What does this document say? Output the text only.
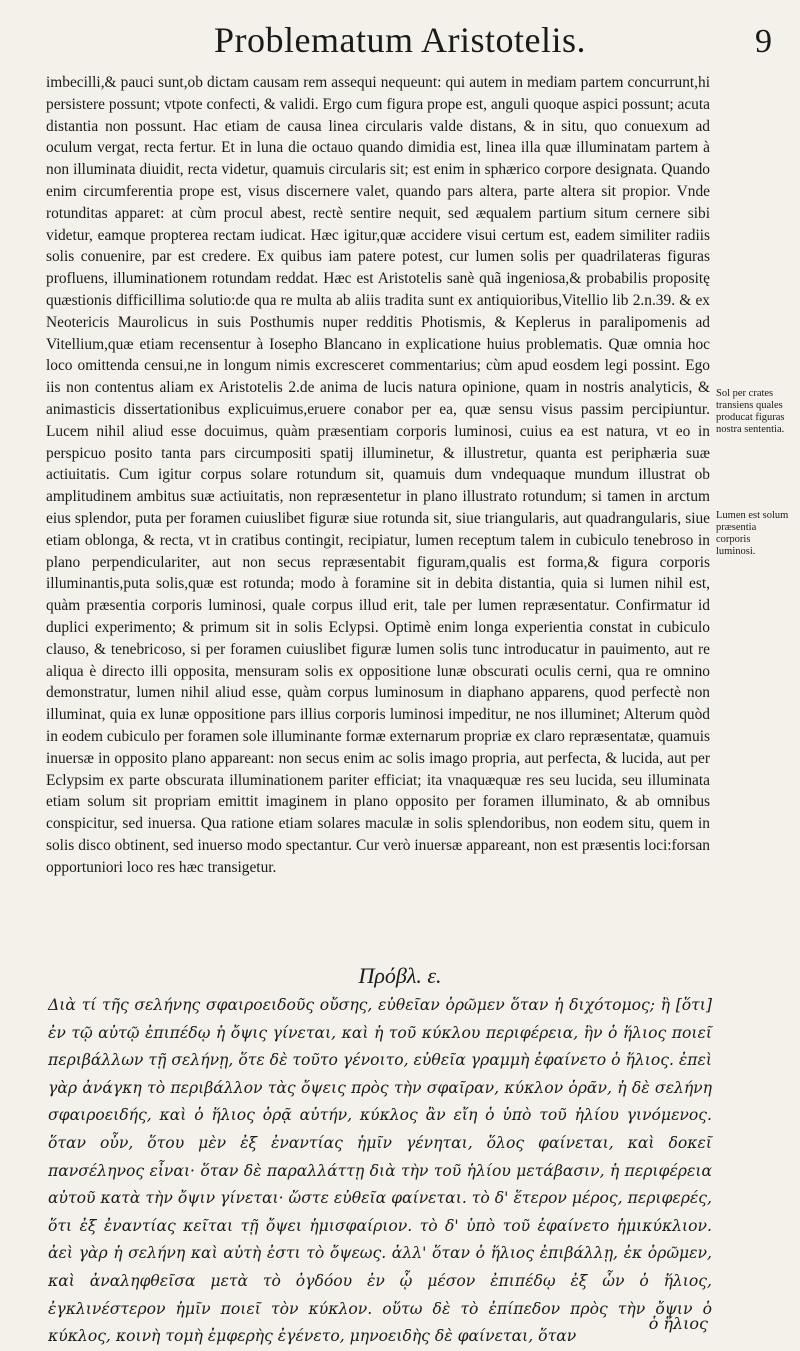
Problematum Aristotelis.	9

imbecilli,& pauci sunt,ob dictam causam rem assequi nequeunt: qui autem in mediam partem concurrunt,hi persistere possunt; vtpote confecti, & validi. Ergo cum figura prope est, anguli quoque aspici possunt; acuta distantia non possunt. Hac etiam de causa linea circularis valde distans, & in situ, quo conuexum ad oculum vergat, recta fertur. Et in luna die octauo quando dimidia est, linea illa quæ illuminatam partem à non illuminata diuidit, recta videtur, quamuis circularis sit; est enim in sphærico corpore designata. Quando enim circumferentia prope est, visus discernere valet, quando pars altera, parte altera sit propior. Vnde rotunditas apparet: at cùm procul abest, rectè sentire nequit, sed æqualem partium situm cernere sibi videtur, eamque propterea rectam iudicat. Hæc igitur,quæ accidere visui certum est, eadem similiter radiis solis conuenire, par est credere. Ex quibus iam patere potest, cur lumen solis per quadrilateras figuras profluens, illuminationem rotundam reddat. Hæc est Aristotelis sanè quã ingeniosa,& probabilis propositę quæstionis difficillima solutio:de qua re multa ab aliis tradita sunt ex antiquioribus,Vitellio lib 2.n.39. & ex Neotericis Maurolicus in suis Posthumis nuper redditis Photismis, & Keplerus in paralipomenis ad Vitellium,quæ etiam recensentur à Iosepho Blancano in explicatione huius problematis. Quæ omnia hoc loco omittenda censui,ne in longum nimis excresceret commentarius; cùm apud eosdem legi possint. Ego iis non contentus aliam ex Aristotelis 2.de anima de lucis natura opinione, quam in nostris analyticis, & animasticis dissertationibus explicuimus,eruere conabor per ea, quæ sensu visus passim percipiuntur. Lucem nihil aliud esse docuimus, quàm præsentiam corporis luminosi, cuius ea est natura, vt eo in perspicuo posito tanta pars circumpositi spatij illuminetur, & illustretur, quanta est periphæria suæ actiuitatis. Cum igitur corpus solare rotundum sit, quamuis dum vndequaque mundum illustrat ob amplitudinem ambitus suæ actiuitatis, non repræsentetur in plano illustrato rotundum; si tamen in arctum eius splendor, puta per foramen cuiuslibet figuræ siue rotunda sit, siue triangularis, aut quadrangularis, siue etiam oblonga, & recta, vt in cratibus contingit, recipiatur, lumen receptum talem in cubiculo tenebroso in plano perpendiculariter, aut non secus repræsentabit figuram,qualis est forma,& figura corporis illuminantis,puta solis,quæ est rotunda; modo à foramine sit in debita distantia, quia si lumen nihil est, quàm præsentia corporis luminosi, quale corpus illud erit, tale per lumen repræsentatur. Confirmatur id duplici experimento; & primum sit in solis Eclypsi. Optimè enim longa experientia constat in cubiculo clauso, & tenebricoso, si per foramen cuiuslibet figuræ lumen solis tunc introducatur in pauimento, aut re aliqua è directo illi opposita, mensuram solis ex oppositione lunæ obscurati oculis cerni, qua re omnino demonstratur, lumen nihil aliud esse, quàm corpus luminosum in diaphano apparens, quod perfectè non illuminat, quia ex lunæ oppositione pars illius corporis luminosi impeditur, ne nos illuminet; Alterum quòd in eodem cubiculo per foramen sole illuminante formæ externarum propriæ ex claro repræsentatæ, quamuis inuersæ in opposito plano appareant: non secus enim ac solis imago propria, aut perfecta, & lucida, aut per Eclypsim ex parte obscurata illuminationem pariter efficiat; ita vnaquæquæ res seu lucida, seu illuminata etiam solum sit propriam emittit imaginem in plano opposito per foramen illuminato, & ab omnibus conspicitur, sed inuersa. Qua ratione etiam solares maculæ in solis splendoribus, non eodem situ, quem in solis disco obtinent, sed inuerso modo spectantur. Cur verò inuersæ appareant, non est præsentis loci:forsan opportuniori loco res hæc transigetur.

Sol per crates transiens quales producat figuras nostra sententia.
Lumen est solum præsentia corporis luminosi.
Πρόβλ. ε.

Διὰ τί τῆς σελήνης σφαιροειδοῦς οὔσης, εὐθεῖαν ὁρῶμεν ὅταν ἡ διχότομος; ἢ [ὅτι] ἐν τῷ αὐτῷ ἐπιπέδῳ ἡ ὄψις γίνεται, καὶ ἡ τοῦ κύκλου περιφέρεια, ἣν ὁ ἥλιος ποιεῖ περιβάλλων τῇ σελήνῃ, ὅτε δὲ τοῦτο γένοιτο, εὐθεῖα γραμμὴ ἐφαίνετο ὁ ἥλιος. ἐπεὶ γὰρ ἀνάγκη τὸ περιβάλλον τὰς ὄψεις πρὸς τὴν σφαῖραν, κύκλον ὁρᾶν, ἡ δὲ σελήνη σφαιροειδής, καὶ ὁ ἥλιος ὁρᾷ αὐτήν, κύκλος ἂν εἴη ὁ ὑπὸ τοῦ ἡλίου γινόμενος. ὅταν οὖν, ὅτου μὲν ἐξ ἐναντίας ἡμῖν γένηται, ὅλος φαίνεται, καὶ δοκεῖ πανσέληνος εἶναι· ὅταν δὲ παραλλάττῃ διὰ τὴν τοῦ ἡλίου μετάβασιν, ἡ περιφέρεια αὐτοῦ κατὰ τὴν ὄψιν γίνεται· ὥστε εὐθεῖα φαίνεται. τὸ δ' ἕτερον μέρος, περιφερές, ὅτι ἐξ ἐναντίας κεῖται τῇ ὄψει ἡμισφαίριον. τὸ δ' ὑπὸ τοῦ ἐφαίνετο ἡμικύκλιον. ἀεὶ γὰρ ἡ σελήνη καὶ αὐτὴ ἐστι τὸ ὄψεως. ἀλλ' ὅταν ὁ ἥλιος ἐπιβάλλῃ, ἐκ ὁρῶμεν, καὶ ἀναληφθεῖσα μετὰ τὸ ὀγδόου ἐν ᾧ μέσον ἐπιπέδῳ ἐξ ὧν ὁ ἥλιος, ἐγκλινέστερον ἡμῖν ποιεῖ τὸν κύκλον. οὕτω δὲ τὸ ἐπίπεδον πρὸς τὴν ὄψιν ὁ κύκλος, κοινὴ τομὴ ἐμφερὴς ἐγένετο, μηνοειδὴς δὲ φαίνεται, ὅταν

ὁ ἥλιος
